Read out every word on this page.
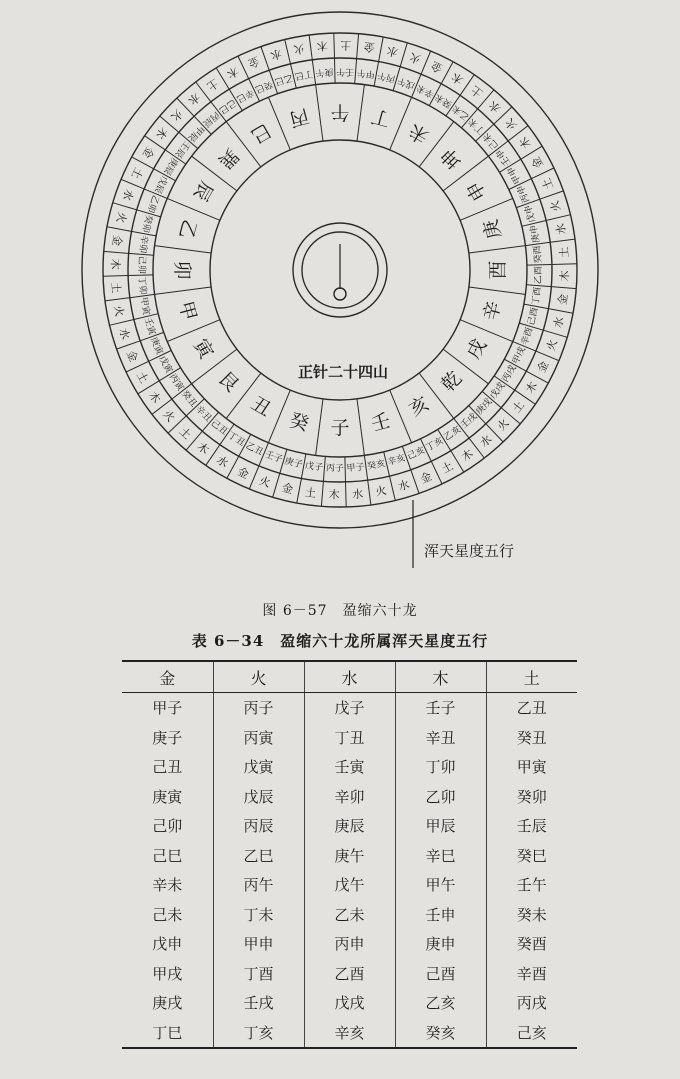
子
癸
丑
艮
寅
甲
卯
乙
辰
巽
巳
丙 午 丁
未
坤
申
庚
酉
辛
戌
乾
亥
壬
甲子
丙子
戊子
庚子
壬子
乙丑
丁丑
己丑
辛丑
癸丑
丙寅
戊寅
庚寅
壬寅
甲寅
丁卯
己卯
辛卯
癸卯
乙卯
戊辰
庚辰
壬辰
甲辰
丙辰
己巳
辛巳
癸巳 乙巳 丁巳 庚午 壬午 甲午 丙午 戊午
辛未
癸未
乙未
丁未
己未
壬申
甲申
丙申
戊申
庚申
癸酉
乙酉
丁酉
己酉
辛酉
甲戌
丙戌
戊戌
庚戌
壬戌
乙亥
丁亥
己亥
辛亥
癸亥
水
木
土
金
火
金
水
木
土
火
木
土
金
水
火
土
木
金
火
水
土
金
木
火
水
土
木
金 水 火 木 土 金 水 火
金
木
土
水
火
木
金
土
火
水
土
木
金
水
火
金
木
土
火
水
木
土
金
水
火
正针二十四山
浑天星度五行
图 6－57　盈缩六十龙
表 6－34　盈缩六十龙所属浑天星度五行
金	火	水	木	土
甲子	丙子	戊子	壬子	乙丑
庚子	丙寅	丁丑	辛丑	癸丑
己丑	戊寅	壬寅	丁卯	甲寅
庚寅	戊辰	辛卯	乙卯	癸卯
己卯	丙辰	庚辰	甲辰	壬辰
己巳	乙巳	庚午	辛巳	癸巳
辛未	丙午	戊午	甲午	壬午
己未	丁未	乙未	壬申	癸未
戊申	甲申	丙申	庚申	癸酉
甲戌	丁酉	乙酉	己酉	辛酉
庚戌	壬戌	戊戌	乙亥	丙戌
丁巳	丁亥	辛亥	癸亥	己亥
